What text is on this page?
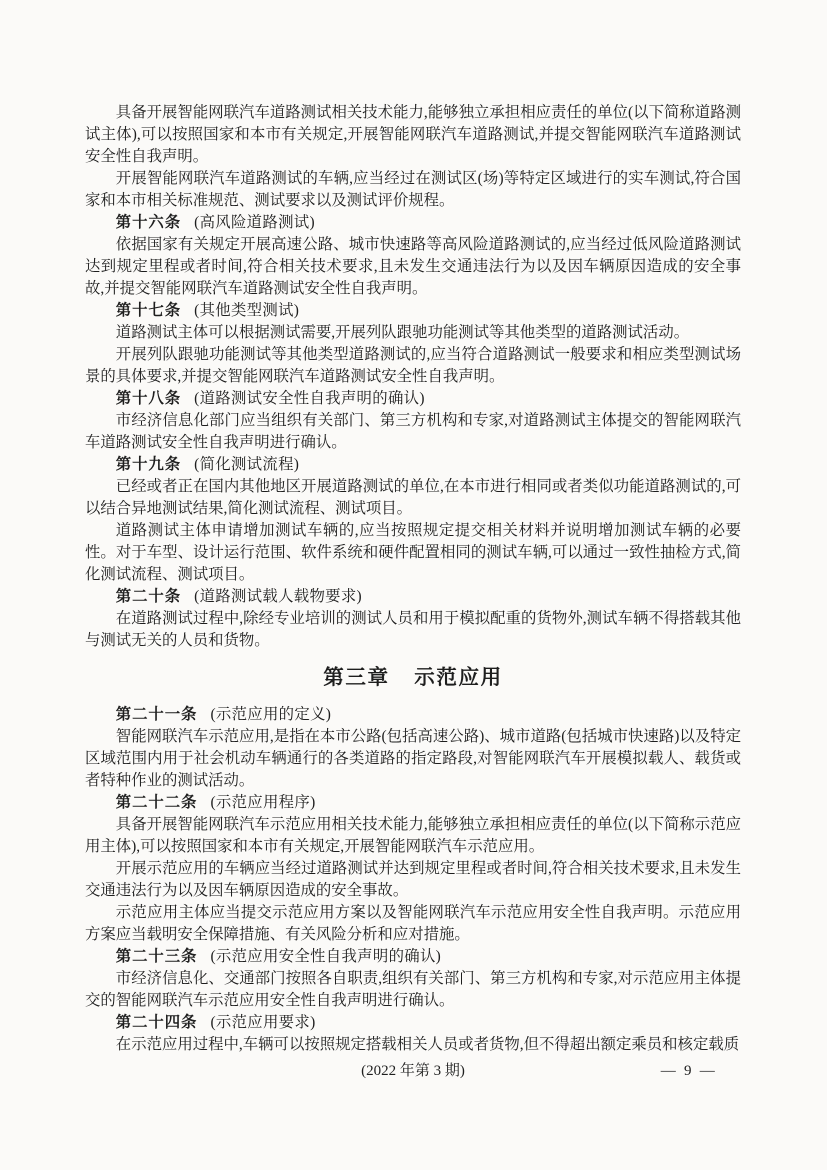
具备开展智能网联汽车道路测试相关技术能力,能够独立承担相应责任的单位(以下简称道路测试主体),可以按照国家和本市有关规定,开展智能网联汽车道路测试,并提交智能网联汽车道路测试安全性自我声明。

开展智能网联汽车道路测试的车辆,应当经过在测试区(场)等特定区域进行的实车测试,符合国家和本市相关标准规范、测试要求以及测试评价规程。

第十六条 (高风险道路测试)

依据国家有关规定开展高速公路、城市快速路等高风险道路测试的,应当经过低风险道路测试达到规定里程或者时间,符合相关技术要求,且未发生交通违法行为以及因车辆原因造成的安全事故,并提交智能网联汽车道路测试安全性自我声明。

第十七条 (其他类型测试)

道路测试主体可以根据测试需要,开展列队跟驰功能测试等其他类型的道路测试活动。

开展列队跟驰功能测试等其他类型道路测试的,应当符合道路测试一般要求和相应类型测试场景的具体要求,并提交智能网联汽车道路测试安全性自我声明。

第十八条 (道路测试安全性自我声明的确认)

市经济信息化部门应当组织有关部门、第三方机构和专家,对道路测试主体提交的智能网联汽车道路测试安全性自我声明进行确认。

第十九条 (简化测试流程)

已经或者正在国内其他地区开展道路测试的单位,在本市进行相同或者类似功能道路测试的,可以结合异地测试结果,简化测试流程、测试项目。

道路测试主体申请增加测试车辆的,应当按照规定提交相关材料并说明增加测试车辆的必要性。对于车型、设计运行范围、软件系统和硬件配置相同的测试车辆,可以通过一致性抽检方式,简化测试流程、测试项目。

第二十条 (道路测试载人载物要求)

在道路测试过程中,除经专业培训的测试人员和用于模拟配重的货物外,测试车辆不得搭载其他与测试无关的人员和货物。

第三章 示范应用

第二十一条 (示范应用的定义)

智能网联汽车示范应用,是指在本市公路(包括高速公路)、城市道路(包括城市快速路)以及特定区域范围内用于社会机动车辆通行的各类道路的指定路段,对智能网联汽车开展模拟载人、载货或者特种作业的测试活动。

第二十二条 (示范应用程序)

具备开展智能网联汽车示范应用相关技术能力,能够独立承担相应责任的单位(以下简称示范应用主体),可以按照国家和本市有关规定,开展智能网联汽车示范应用。

开展示范应用的车辆应当经过道路测试并达到规定里程或者时间,符合相关技术要求,且未发生交通违法行为以及因车辆原因造成的安全事故。

示范应用主体应当提交示范应用方案以及智能网联汽车示范应用安全性自我声明。示范应用方案应当载明安全保障措施、有关风险分析和应对措施。

第二十三条 (示范应用安全性自我声明的确认)

市经济信息化、交通部门按照各自职责,组织有关部门、第三方机构和专家,对示范应用主体提交的智能网联汽车示范应用安全性自我声明进行确认。

第二十四条 (示范应用要求)

在示范应用过程中,车辆可以按照规定搭载相关人员或者货物,但不得超出额定乘员和核定载质

(2022 年第 3 期)	— 9 —
